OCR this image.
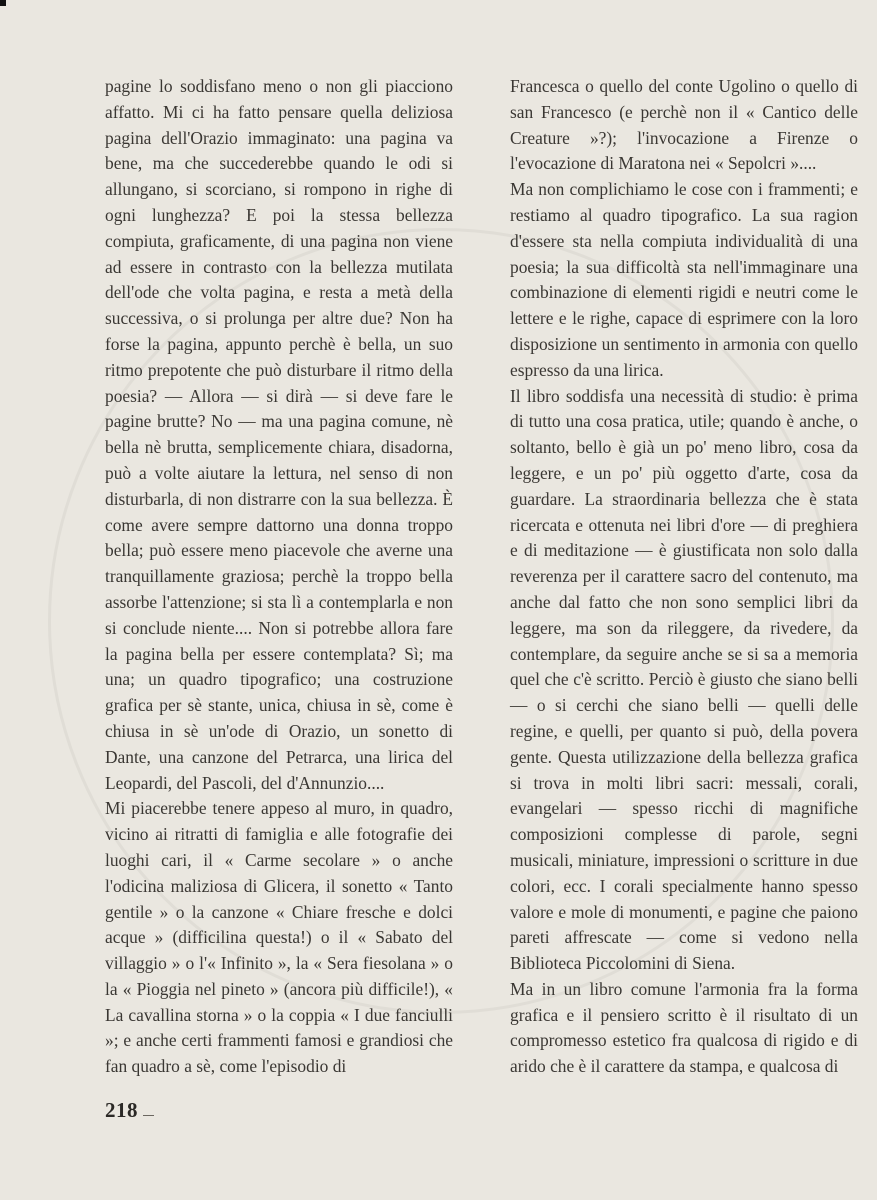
pagine lo soddisfano meno o non gli piacciono affatto. Mi ci ha fatto pensare quella deliziosa pagina dell'Orazio immaginato: una pagina va bene, ma che succederebbe quando le odi si allungano, si scorciano, si rompono in righe di ogni lunghezza? E poi la stessa bellezza compiuta, graficamente, di una pagina non viene ad essere in contrasto con la bellezza mutilata dell'ode che volta pagina, e resta a metà della successiva, o si prolunga per altre due? Non ha forse la pagina, appunto perchè è bella, un suo ritmo prepotente che può disturbare il ritmo della poesia? — Allora — si dirà — si deve fare le pagine brutte? No — ma una pagina comune, nè bella nè brutta, semplicemente chiara, disadorna, può a volte aiutare la lettura, nel senso di non disturbarla, di non distrarre con la sua bellezza. È come avere sempre dattorno una donna troppo bella; può essere meno piacevole che averne una tranquillamente graziosa; perchè la troppo bella assorbe l'attenzione; si sta lì a contemplarla e non si conclude niente.... Non si potrebbe allora fare la pagina bella per essere contemplata? Sì; ma una; un quadro tipografico; una costruzione grafica per sè stante, unica, chiusa in sè, come è chiusa in sè un'ode di Orazio, un sonetto di Dante, una canzone del Petrarca, una lirica del Leopardi, del Pascoli, del d'Annunzio....

Mi piacerebbe tenere appeso al muro, in quadro, vicino ai ritratti di famiglia e alle fotografie dei luoghi cari, il « Carme secolare » o anche l'odicina maliziosa di Glicera, il sonetto « Tanto gentile » o la canzone « Chiare fresche e dolci acque » (difficilina questa!) o il « Sabato del villaggio » o l'« Infinito », la « Sera fiesolana » o la « Pioggia nel pineto » (ancora più difficile!), « La cavallina storna » o la coppia « I due fanciulli »; e anche certi frammenti famosi e grandiosi che fan quadro a sè, come l'episodio di

Francesca o quello del conte Ugolino o quello di san Francesco (e perchè non il « Cantico delle Creature »?); l'invocazione a Firenze o l'evocazione di Maratona nei « Sepolcri »....

Ma non complichiamo le cose con i frammenti; e restiamo al quadro tipografico. La sua ragion d'essere sta nella compiuta individualità di una poesia; la sua difficoltà sta nell'immaginare una combinazione di elementi rigidi e neutri come le lettere e le righe, capace di esprimere con la loro disposizione un sentimento in armonia con quello espresso da una lirica.

Il libro soddisfa una necessità di studio: è prima di tutto una cosa pratica, utile; quando è anche, o soltanto, bello è già un po' meno libro, cosa da leggere, e un po' più oggetto d'arte, cosa da guardare. La straordinaria bellezza che è stata ricercata e ottenuta nei libri d'ore — di preghiera e di meditazione — è giustificata non solo dalla reverenza per il carattere sacro del contenuto, ma anche dal fatto che non sono semplici libri da leggere, ma son da rileggere, da rivedere, da contemplare, da seguire anche se si sa a memoria quel che c'è scritto. Perciò è giusto che siano belli — o si cerchi che siano belli — quelli delle regine, e quelli, per quanto si può, della povera gente. Questa utilizzazione della bellezza grafica si trova in molti libri sacri: messali, corali, evangelari — spesso ricchi di magnifiche composizioni complesse di parole, segni musicali, miniature, impressioni o scritture in due colori, ecc. I corali specialmente hanno spesso valore e mole di monumenti, e pagine che paiono pareti affrescate — come si vedono nella Biblioteca Piccolomini di Siena.

Ma in un libro comune l'armonia fra la forma grafica e il pensiero scritto è il risultato di un compromesso estetico fra qualcosa di rigido e di arido che è il carattere da stampa, e qualcosa di

218
